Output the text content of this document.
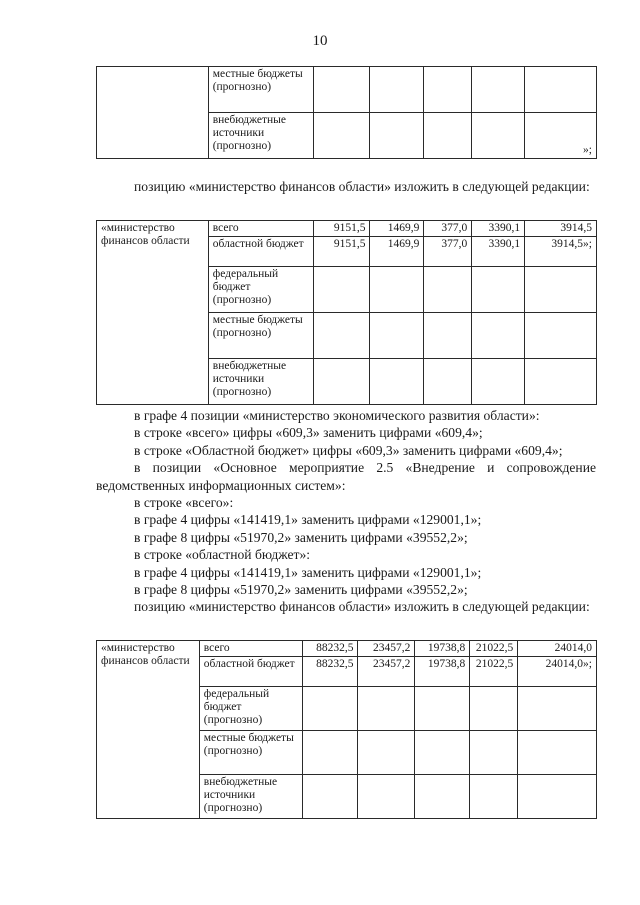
10
	местные бюджеты (прогнозно)					
	внебюджетные источники (прогнозно)					»;

позицию «министерство финансов области» изложить в следующей редакции:

«министерство финансов области	всего	9151,5	1469,9	377,0	3390,1	3914,5
	областной бюджет	9151,5	1469,9	377,0	3390,1	3914,5»;
	федеральный бюджет (прогнозно)					
	местные бюджеты (прогнозно)					
	внебюджетные источники (прогнозно)					

в графе 4 позиции «министерство экономического развития области»:

в строке «всего» цифры «609,3» заменить цифрами «609,4»;

в строке «Областной бюджет» цифры «609,3» заменить цифрами «609,4»;

в позиции «Основное мероприятие 2.5 «Внедрение и сопровождение

ведомственных информационных систем»:

в строке «всего»:

в графе 4 цифры «141419,1» заменить цифрами «129001,1»;

в графе 8 цифры «51970,2» заменить цифрами «39552,2»;

в строке «областной бюджет»:

в графе 4 цифры «141419,1» заменить цифрами «129001,1»;

в графе 8 цифры «51970,2» заменить цифрами «39552,2»;

позицию «министерство финансов области» изложить в следующей редакции:

«министерство финансов области	всего	88232,5	23457,2	19738,8	21022,5	24014,0
	областной бюджет	88232,5	23457,2	19738,8	21022,5	24014,0»;
	федеральный бюджет (прогнозно)					
	местные бюджеты (прогнозно)					
	внебюджетные источники (прогнозно)					
